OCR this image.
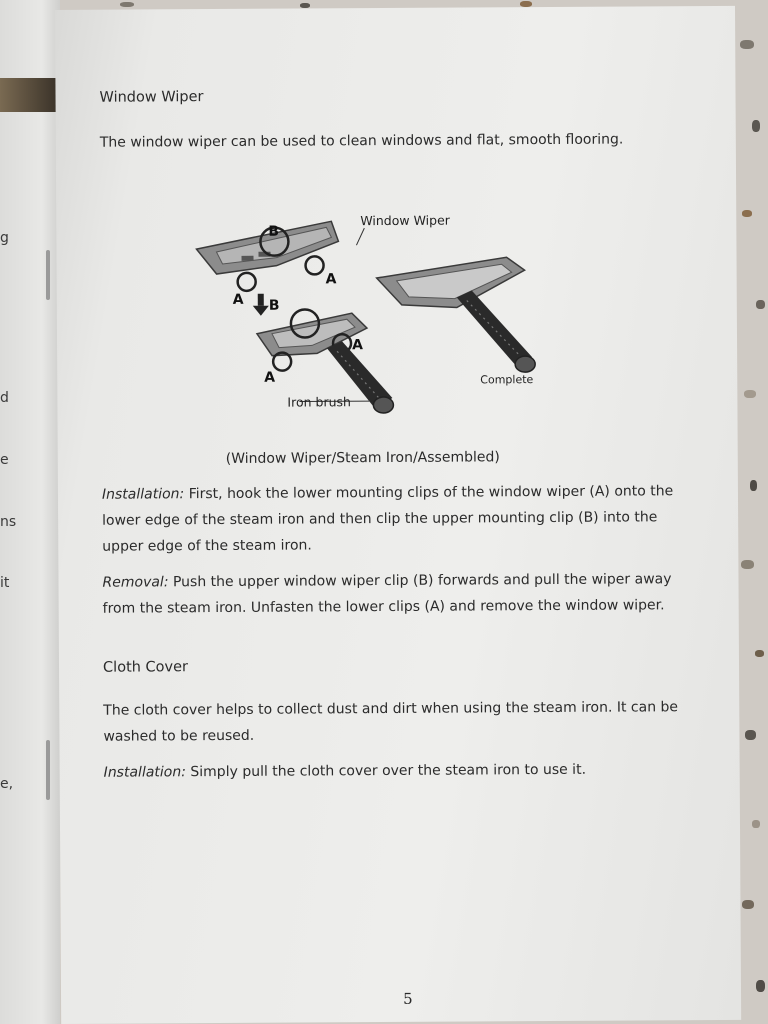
g
d
e
ns
it
e,
Window Wiper
The window wiper can be used to clean windows and flat, smooth flooring.
Window Wiper
Iron brush
Complete
B
A
A
B
A
A
(Window Wiper/Steam Iron/Assembled)
Installation: First, hook the lower mounting clips of the window wiper (A) onto the lower edge of the steam iron and then clip the upper mounting clip (B) into the upper edge of the steam iron.
Removal: Push the upper window wiper clip (B) forwards and pull the wiper away from the steam iron. Unfasten the lower clips (A) and remove the window wiper.
Cloth Cover
The cloth cover helps to collect dust and dirt when using the steam iron. It can be washed to be reused.
Installation: Simply pull the cloth cover over the steam iron to use it.
5
